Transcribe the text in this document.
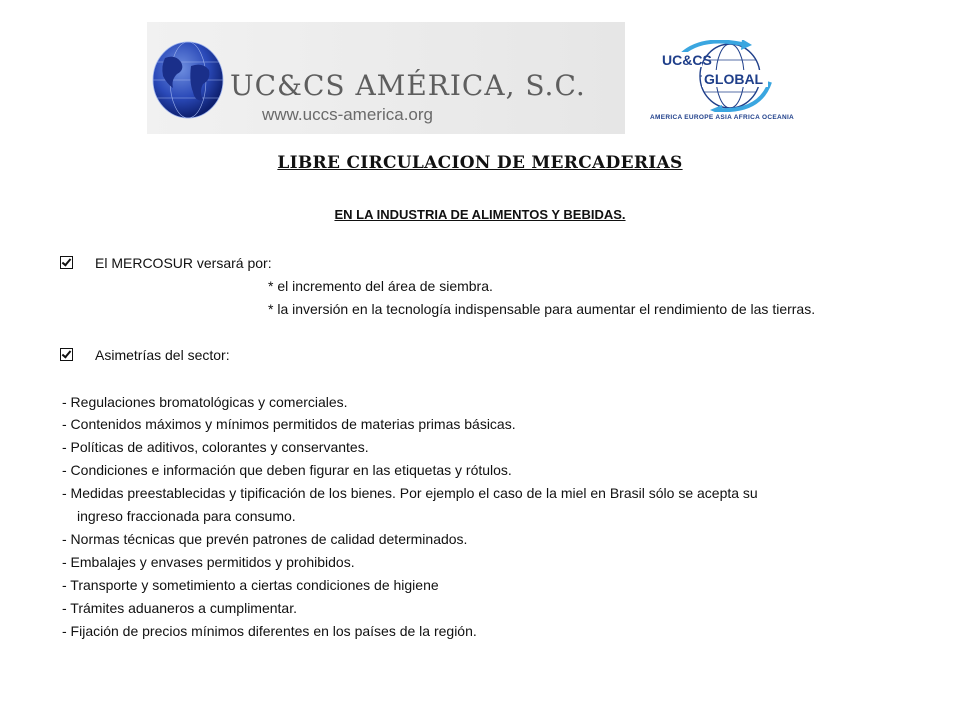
UC&CS AMÉRICA, S.C.
www.uccs-america.org
UC&CS
GLOBAL
AMERICA EUROPE ASIA AFRICA OCEANIA
LIBRE CIRCULACION DE MERCADERIAS
EN LA INDUSTRIA DE ALIMENTOS Y BEBIDAS.
El MERCOSUR versará por:
* el incremento del área de siembra.
* la inversión en la tecnología indispensable para aumentar el rendimiento de las tierras.
Asimetrías del sector:
- Regulaciones bromatológicas y comerciales.
- Contenidos máximos y mínimos permitidos de materias primas básicas.
- Políticas de aditivos, colorantes y conservantes.
- Condiciones e información que deben figurar en las etiquetas y rótulos.
- Medidas preestablecidas y tipificación de los bienes. Por ejemplo el caso de la miel en Brasil sólo se acepta su
ingreso fraccionada para consumo.
- Normas técnicas que prevén patrones de calidad determinados.
- Embalajes y envases permitidos y prohibidos.
- Transporte y sometimiento a ciertas condiciones de higiene
- Trámites aduaneros a cumplimentar.
- Fijación de precios mínimos diferentes en los países de la región.
